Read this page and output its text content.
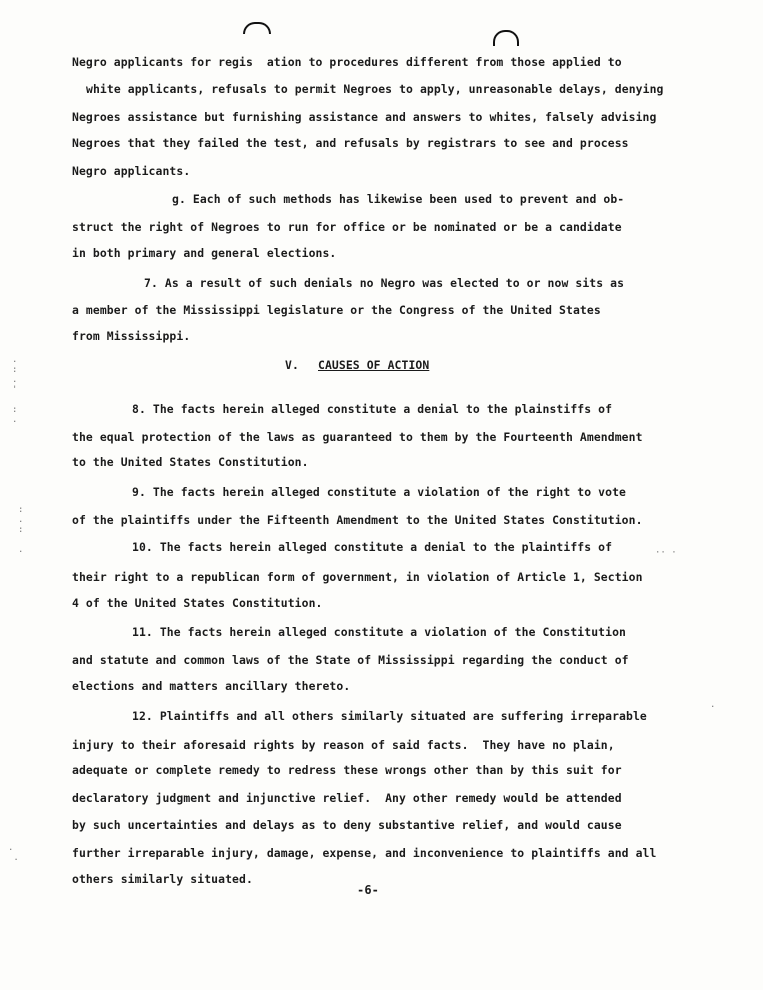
Negro applicants for regis  ation to procedures different from those applied to
white applicants, refusals to permit Negroes to apply, unreasonable delays, denying
Negroes assistance but furnishing assistance and answers to whites, falsely advising
Negroes that they failed the test, and refusals by registrars to see and process
Negro applicants.
g. Each of such methods has likewise been used to prevent and ob-
struct the right of Negroes to run for office or be nominated or be a candidate
in both primary and general elections.
7. As a result of such denials no Negro was elected to or now sits as
a member of the Mississippi legislature or the Congress of the United States
from Mississippi.
V. CAUSES OF ACTION
8. The facts herein alleged constitute a denial to the plainstiffs of
the equal protection of the laws as guaranteed to them by the Fourteenth Amendment
to the United States Constitution.
9. The facts herein alleged constitute a violation of the right to vote
of the plaintiffs under the Fifteenth Amendment to the United States Constitution.
10. The facts herein alleged constitute a denial to the plaintiffs of
their right to a republican form of government, in violation of Article 1, Section
4 of the United States Constitution.
11. The facts herein alleged constitute a violation of the Constitution
and statute and common laws of the State of Mississippi regarding the conduct of
elections and matters ancillary thereto.
12. Plaintiffs and all others similarly situated are suffering irreparable
injury to their aforesaid rights by reason of said facts.  They have no plain,
adequate or complete remedy to redress these wrongs other than by this suit for
declaratory judgment and injunctive relief.  Any other remedy would be attended
by such uncertainties and delays as to deny substantive relief, and would cause
further irreparable injury, damage, expense, and inconvenience to plaintiffs and all
others similarly situated.
-6-
.
:
.
'

:
.
:
.
:

.	·· ·
.
.
.
